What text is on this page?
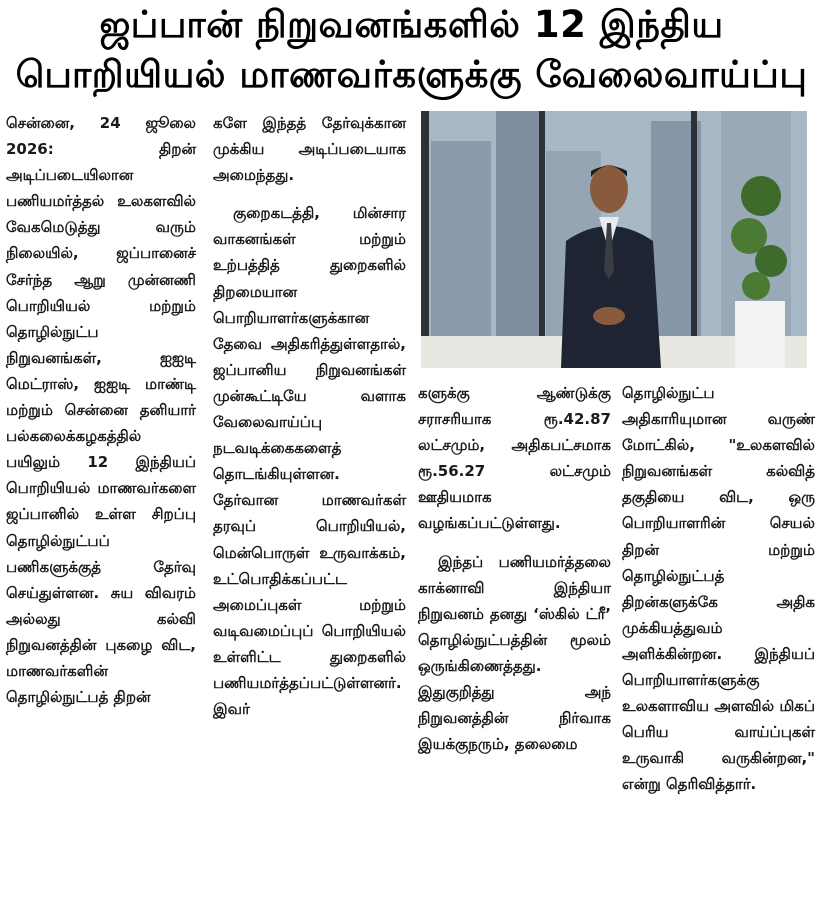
ஜப்பான் நிறுவனங்களில் 12 இந்திய
பொறியியல் மாணவர்களுக்கு வேலைவாய்ப்பு

சென்னை, 24 ஜூலை 2026: திறன் அடிப்படையிலான பணியமர்த்தல் உலகளவில் வேகமெடுத்து வரும் நிலையில், ஜப்பானைச் சேர்ந்த ஆறு முன்னணி பொறியியல் மற்றும் தொழில்நுட்ப நிறுவனங்கள், ஐஐடி மெட்ராஸ், ஐஐடி மாண்டி மற்றும் சென்னை தனியார் பல்கலைக்கழகத்தில் பயிலும் 12 இந்தியப் பொறியியல் மாணவர்களை ஜப்பானில் உள்ள சிறப்பு தொழில்நுட்பப் பணிகளுக்குத் தேர்வு செய்துள்ளன. சுய விவரம் அல்லது கல்வி நிறுவனத்தின் புகழை விட, மாணவர்களின் தொழில்நுட்பத் திறன்

களே இந்தத் தேர்வுக்கான முக்கிய அடிப்படையாக அமைந்தது.

குறைகடத்தி, மின்சார வாகனங்கள் மற்றும் உற்பத்தித் துறைகளில் திறமையான பொறியாளர்களுக்கான தேவை அதிகரித்துள்ளதால், ஜப்பானிய நிறுவனங்கள் முன்கூட்டியே வளாக வேலைவாய்ப்பு நடவடிக்கைகளைத் தொடங்கியுள்ளன. தேர்வான மாணவர்கள் தரவுப் பொறியியல், மென்பொருள் உருவாக்கம், உட்பொதிக்கப்பட்ட அமைப்புகள் மற்றும் வடிவமைப்புப் பொறியியல் உள்ளிட்ட துறைகளில் பணியமர்த்தப்பட்டுள்ளனர். இவர்

களுக்கு ஆண்டுக்கு சராசரியாக ரூ.42.87 லட்சமும், அதிகபட்சமாக ரூ.56.27 லட்சமும் ஊதியமாக வழங்கப்பட்டுள்ளது.

இந்தப் பணியமர்த்தலை காக்னாவி இந்தியா நிறுவனம் தனது ‘ஸ்கில் ட்ரீ’ தொழில்நுட்பத்தின் மூலம் ஒருங்கிணைத்தது. இதுகுறித்து அந் நிறுவனத்தின் நிர்வாக இயக்குநரும், தலைமை

தொழில்நுட்ப அதிகாரியுமான வருண் மோட்கில், "உலகளவில் நிறுவனங்கள் கல்வித் தகுதியை விட, ஒரு பொறியாளரின் செயல் திறன் மற்றும் தொழில்நுட்பத் திறன்களுக்கே அதிக முக்கியத்துவம் அளிக்கின்றன. இந்தியப் பொறியாளர்களுக்கு உலகளாவிய அளவில் மிகப் பெரிய வாய்ப்புகள் உருவாகி வருகின்றன," என்று தெரிவித்தார்.
